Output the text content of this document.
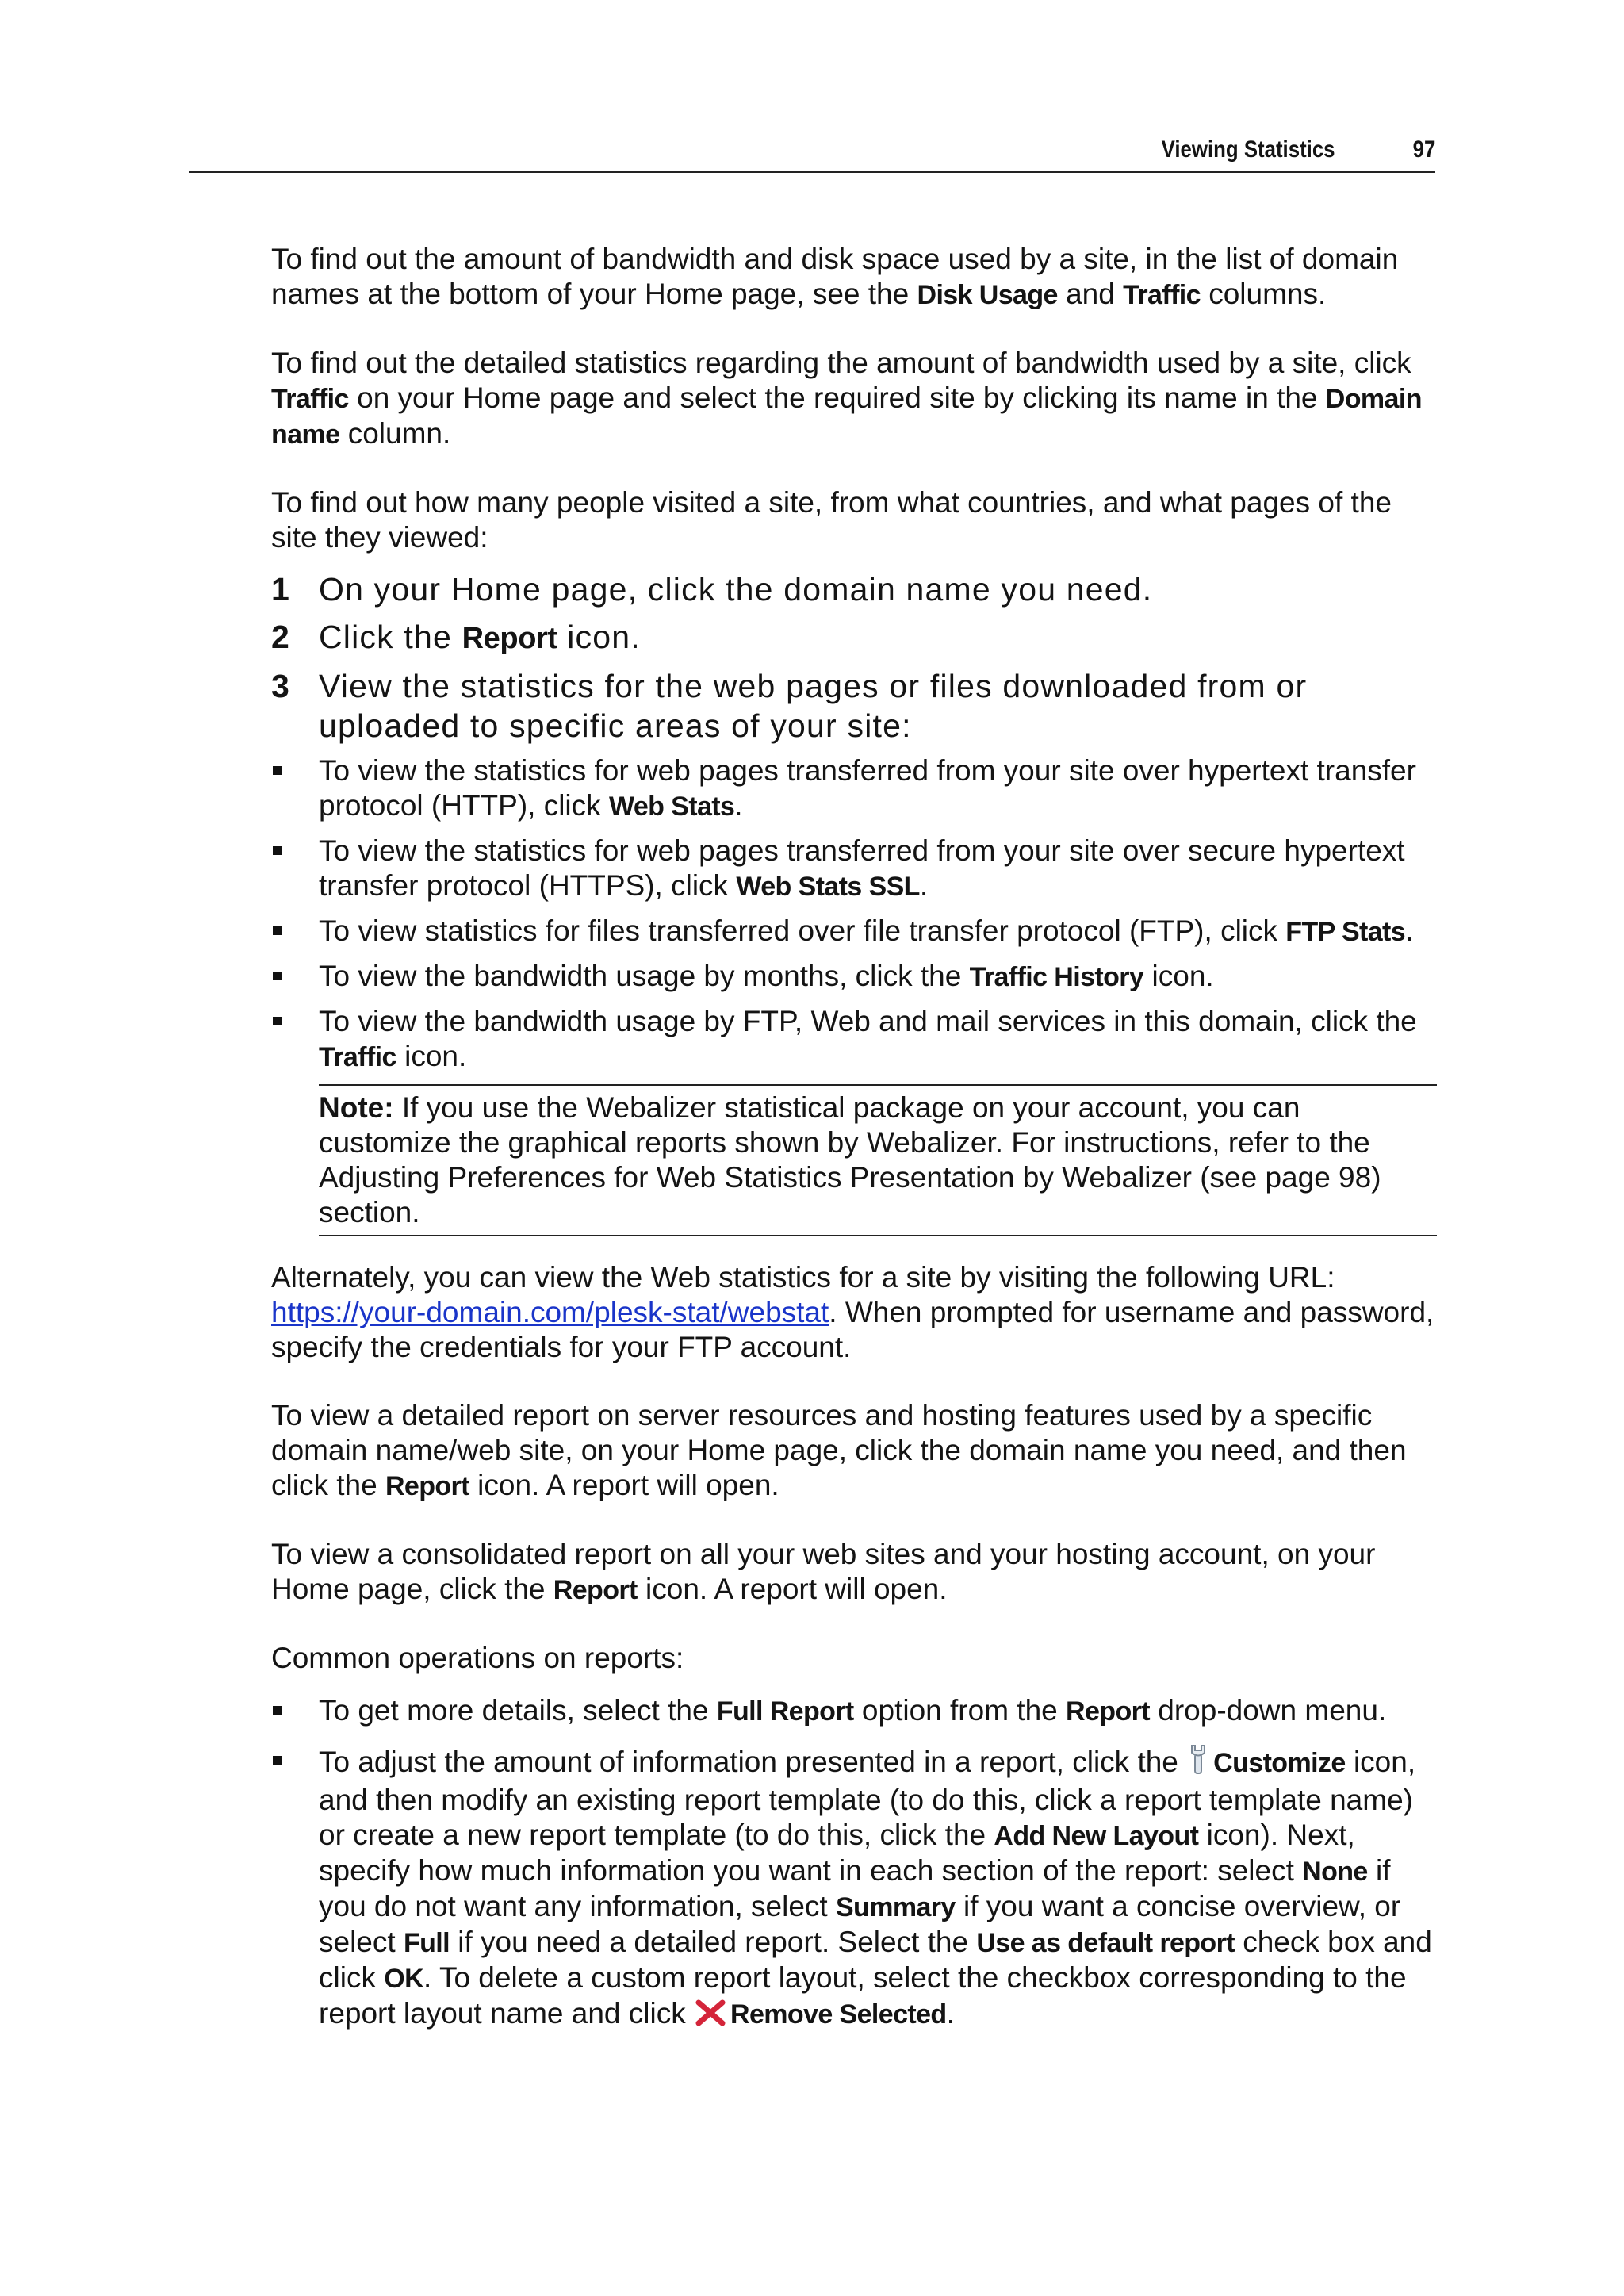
Viewing Statistics	97

To find out the amount of bandwidth and disk space used by a site, in the list of domain names at the bottom of your Home page, see the Disk Usage and Traffic columns.

To find out the detailed statistics regarding the amount of bandwidth used by a site, click Traffic on your Home page and select the required site by clicking its name in the Domain name column.

To find out how many people visited a site, from what countries, and what pages of the site they viewed:

1 On your Home page, click the domain name you need.
2 Click the Report icon.
3 View the statistics for the web pages or files downloaded from or uploaded to specific areas of your site:
To view the statistics for web pages transferred from your site over hypertext transfer protocol (HTTP), click Web Stats.
To view the statistics for web pages transferred from your site over secure hypertext transfer protocol (HTTPS), click Web Stats SSL.
To view statistics for files transferred over file transfer protocol (FTP), click FTP Stats.
To view the bandwidth usage by months, click the Traffic History icon.
To view the bandwidth usage by FTP, Web and mail services in this domain, click the Traffic icon.
Note: If you use the Webalizer statistical package on your account, you can customize the graphical reports shown by Webalizer. For instructions, refer to the Adjusting Preferences for Web Statistics Presentation by Webalizer (see page 98) section.

Alternately, you can view the Web statistics for a site by visiting the following URL: https://your-domain.com/plesk-stat/webstat. When prompted for username and password, specify the credentials for your FTP account.

To view a detailed report on server resources and hosting features used by a specific domain name/web site, on your Home page, click the domain name you need, and then click the Report icon. A report will open.

To view a consolidated report on all your web sites and your hosting account, on your Home page, click the Report icon. A report will open.

Common operations on reports:

To get more details, select the Full Report option from the Report drop-down menu.
To adjust the amount of information presented in a report, click the Customize icon, and then modify an existing report template (to do this, click a report template name) or create a new report template (to do this, click the Add New Layout icon). Next, specify how much information you want in each section of the report: select None if you do not want any information, select Summary if you want a concise overview, or select Full if you need a detailed report. Select the Use as default report check box and click OK. To delete a custom report layout, select the checkbox corresponding to the report layout name and click Remove Selected.
